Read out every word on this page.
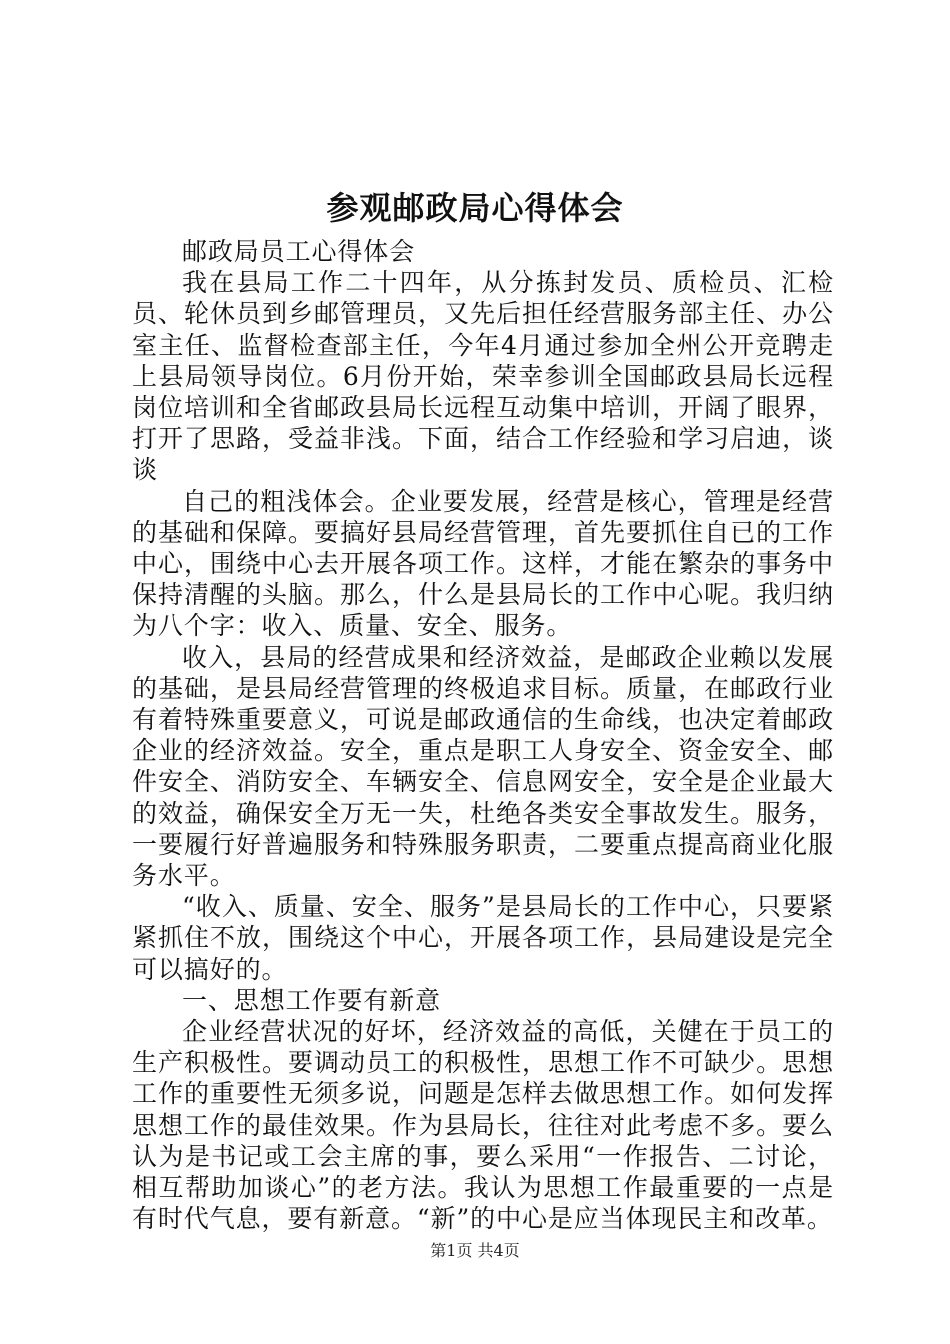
参观邮政局心得体会

邮政局员工心得体会

我在县局工作二十四年，从分拣封发员、质检员、汇检员、轮休员到乡邮管理员，又先后担任经营服务部主任、办公室主任、监督检查部主任，今年4月通过参加全州公开竞聘走上县局领导岗位。6月份开始，荣幸参训全国邮政县局长远程岗位培训和全省邮政县局长远程互动集中培训，开阔了眼界，打开了思路，受益非浅。下面，结合工作经验和学习启迪，谈谈

自己的粗浅体会。企业要发展，经营是核心，管理是经营的基础和保障。要搞好县局经营管理，首先要抓住自已的工作中心，围绕中心去开展各项工作。这样，才能在繁杂的事务中保持清醒的头脑。那么，什么是县局长的工作中心呢。我归纳为八个字：收入、质量、安全、服务。

收入，县局的经营成果和经济效益，是邮政企业赖以发展的基础，是县局经营管理的终极追求目标。质量，在邮政行业有着特殊重要意义，可说是邮政通信的生命线，也决定着邮政企业的经济效益。安全，重点是职工人身安全、资金安全、邮件安全、消防安全、车辆安全、信息网安全，安全是企业最大的效益，确保安全万无一失，杜绝各类安全事故发生。服务，一要履行好普遍服务和特殊服务职责，二要重点提高商业化服务水平。

“收入、质量、安全、服务”是县局长的工作中心，只要紧紧抓住不放，围绕这个中心，开展各项工作，县局建设是完全可以搞好的。

一、思想工作要有新意

企业经营状况的好坏，经济效益的高低，关健在于员工的生产积极性。要调动员工的积极性，思想工作不可缺少。思想工作的重要性无须多说，问题是怎样去做思想工作。如何发挥思想工作的最佳效果。作为县局长，往往对此考虑不多。要么认为是书记或工会主席的事，要么采用“一作报告、二讨论，相互帮助加谈心”的老方法。我认为思想工作最重要的一点是有时代气息，要有新意。“新”的中心是应当体现民主和改革。

第1页 共4页
